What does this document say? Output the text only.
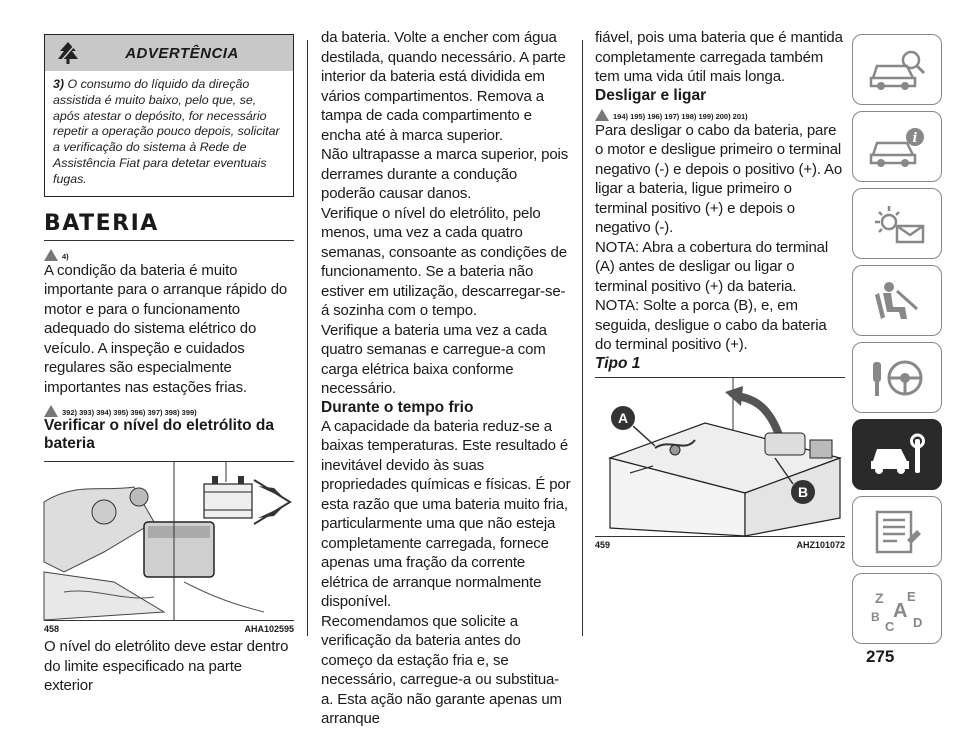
ADVERTÊNCIA
3) O consumo do líquido da direção assistida é muito baixo, pelo que, se, após atestar o depósito, for necessário repetir a operação pouco depois, solicitar a verificação do sistema à Rede de Assistência Fiat para detetar eventuais fugas.
BATERIA
4)

A condição da bateria é muito importante para o arranque rápido do motor e para o funcionamento adequado do sistema elétrico do veículo. A inspeção e cuidados regulares são especialmente importantes nas estações frias.

392) 393) 394) 395) 396) 397) 398) 399)
Verificar o nível do eletrólito da bateria
458	AHA102595

O nível do eletrólito deve estar dentro do limite especificado na parte exterior

da bateria. Volte a encher com água destilada, quando necessário. A parte interior da bateria está dividida em vários compartimentos. Remova a tampa de cada compartimento e encha até à marca superior.

Não ultrapasse a marca superior, pois derrames durante a condução poderão causar danos.

Verifique o nível do eletrólito, pelo menos, uma vez a cada quatro semanas, consoante as condições de funcionamento. Se a bateria não estiver em utilização, descarregar-se-á sozinha com o tempo.

Verifique a bateria uma vez a cada quatro semanas e carregue-a com carga elétrica baixa conforme necessário.

Durante o tempo frio

A capacidade da bateria reduz-se a baixas temperaturas. Este resultado é inevitável devido às suas propriedades químicas e físicas. É por esta razão que uma bateria muito fria, particularmente uma que não esteja completamente carregada, fornece apenas uma fração da corrente elétrica de arranque normalmente disponível.

Recomendamos que solicite a verificação da bateria antes do começo da estação fria e, se necessário, carregue-a ou substitua-a. Esta ação não garante apenas um arranque

fiável, pois uma bateria que é mantida completamente carregada também tem uma vida útil mais longa.

Desligar e ligar
194) 195) 196) 197) 198) 199) 200) 201)

Para desligar o cabo da bateria, pare o motor e desligue primeiro o terminal negativo (-) e depois o positivo (+). Ao ligar a bateria, ligue primeiro o terminal positivo (+) e depois o negativo (-).

NOTA: Abra a cobertura do terminal (A) antes de desligar ou ligar o terminal positivo (+) da bateria.

NOTA: Solte a porca (B), e, em seguida, desligue o cabo da bateria do terminal positivo (+).

Tipo 1
A
B
459	AHZ101072
i
Z E
B A
C D
275
